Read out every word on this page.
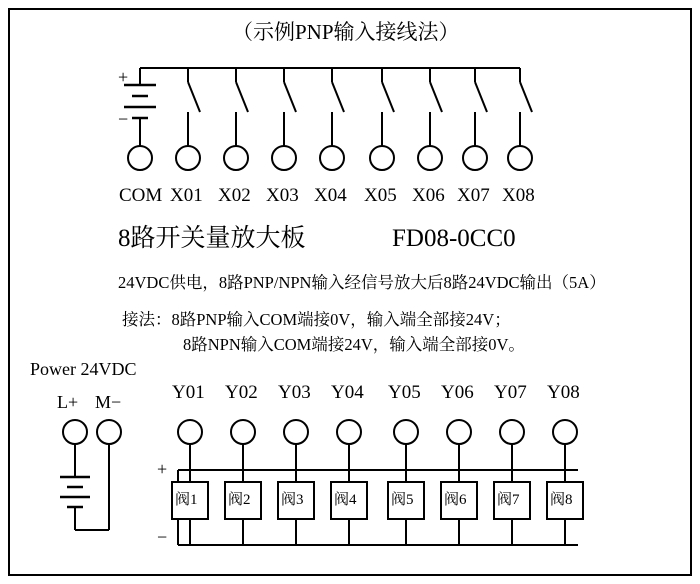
（示例PNP输入接线法）
+
−
COM X01 X02 X03 X04 X05 X06 X07 X08
8路开关量放大板	FD08-0CC0
24VDC供电，8路PNP/NPN输入经信号放大后8路24VDC输出（5A）
接法：8路PNP输入COM端接0V，输入端全部接24V；
8路NPN输入COM端接24V，输入端全部接0V。
Power 24VDC
L+ M−	Y01 Y02 Y03 Y04 Y05 Y06 Y07 Y08
+
−
阀1 阀2 阀3 阀4 阀5 阀6 阀7 阀8
